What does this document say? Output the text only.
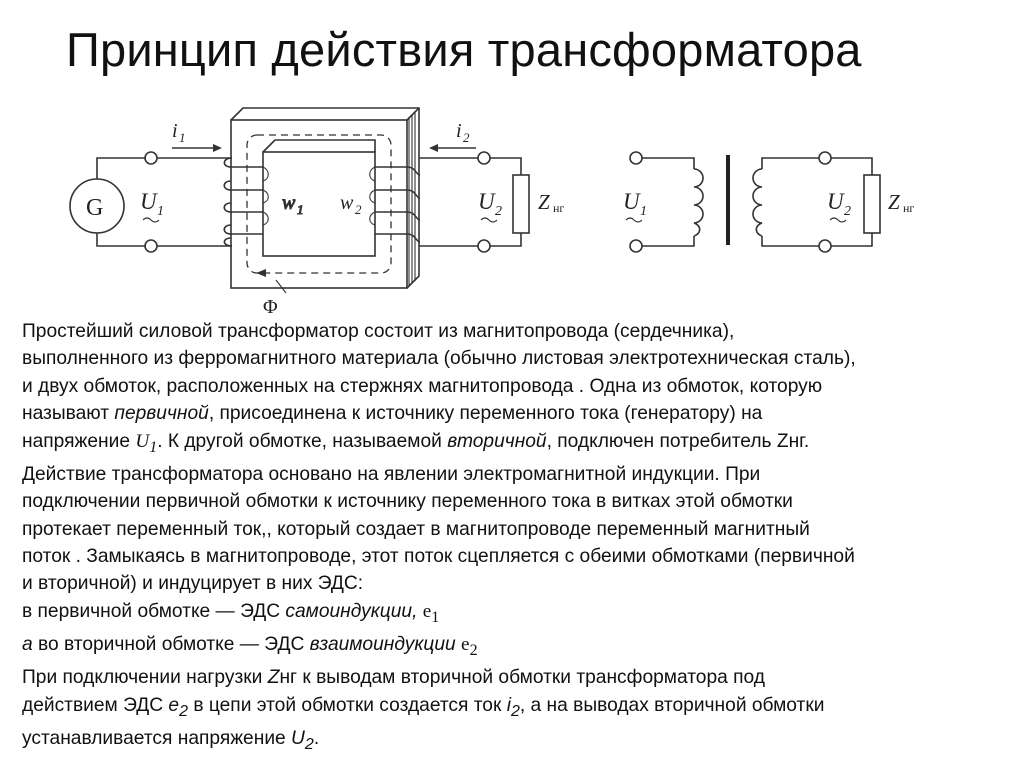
Принцип действия трансформатора
G U 1
i 1
w 1 w 2
i 2
U 2 Z нг
Φ
U 1	U 2 Z нг

Простейший силовой трансформатор состоит из магнитопровода (сердечника),

выполненного из ферромагнитного материала (обычно листовая электротехническая сталь),

и двух обмоток, расположенных на стержнях магнитопровода . Одна из обмоток, которую

называют первичной, присоединена к источнику переменного тока (генератору) на

напряжение $U_1$. К другой обмотке, называемой вторичной, подключен потребитель Zнг.

Действие трансформатора основано на явлении электромагнитной индукции. При

подключении первичной обмотки к источнику переменного тока в витках этой обмотки

протекает переменный ток,, который создает в магнитопроводе переменный магнитный

поток . Замыкаясь в магнитопроводе, этот поток сцепляется с обеими обмотками (первичной

и вторичной) и индуцирует в них ЭДС:

в первичной обмотке — ЭДС самоиндукции, $e_1$

а во вторичной обмотке — ЭДС взаимоиндукции $e_2$

При подключении нагрузки Zнг к выводам вторичной обмотки трансформатора под

действием ЭДС $e_2$ в цепи этой обмотки создается ток $i_2$, а на выводах вторичной обмотки

устанавливается напряжение $U_2$.
